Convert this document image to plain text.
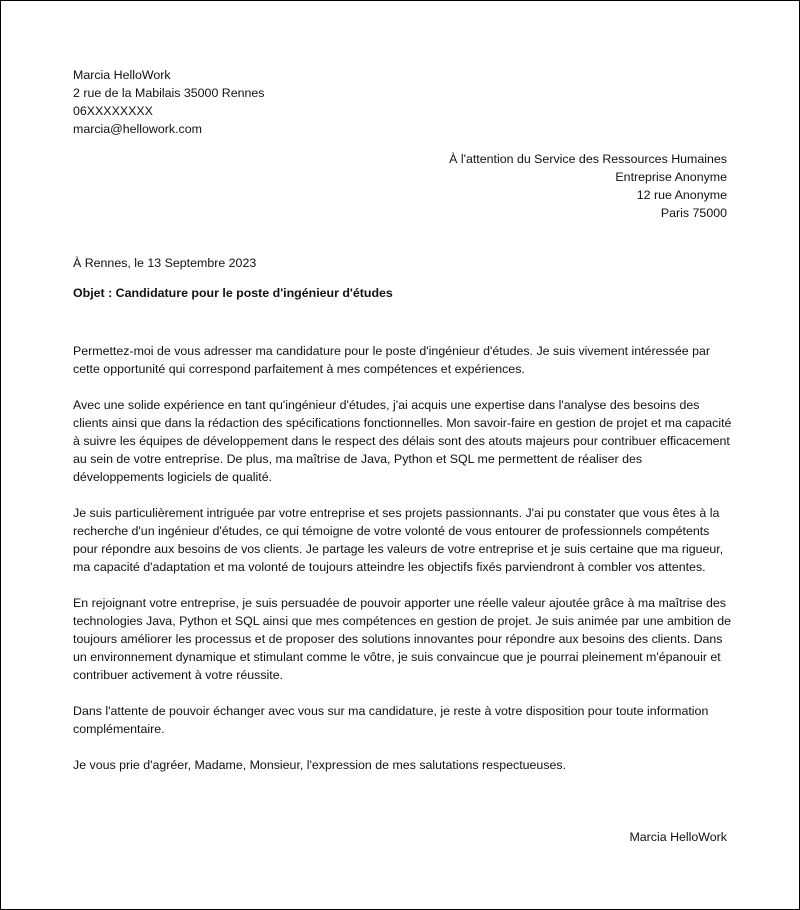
Marcia HelloWork
2 rue de la Mabilais 35000 Rennes
06XXXXXXXX
marcia@hellowork.com
À l'attention du Service des Ressources Humaines
Entreprise Anonyme
12 rue Anonyme
Paris 75000
À Rennes, le 13 Septembre 2023
Objet : Candidature pour le poste d'ingénieur d'études

Permettez-moi de vous adresser ma candidature pour le poste d'ingénieur d'études. Je suis vivement intéressée par cette opportunité qui correspond parfaitement à mes compétences et expériences.

Avec une solide expérience en tant qu'ingénieur d'études, j'ai acquis une expertise dans l'analyse des besoins des clients ainsi que dans la rédaction des spécifications fonctionnelles. Mon savoir-faire en gestion de projet et ma capacité à suivre les équipes de développement dans le respect des délais sont des atouts majeurs pour contribuer efficacement au sein de votre entreprise. De plus, ma maîtrise de Java, Python et SQL me permettent de réaliser des développements logiciels de qualité.

Je suis particulièrement intriguée par votre entreprise et ses projets passionnants. J'ai pu constater que vous êtes à la recherche d'un ingénieur d'études, ce qui témoigne de votre volonté de vous entourer de professionnels compétents pour répondre aux besoins de vos clients. Je partage les valeurs de votre entreprise et je suis certaine que ma rigueur, ma capacité d'adaptation et ma volonté de toujours atteindre les objectifs fixés parviendront à combler vos attentes.

En rejoignant votre entreprise, je suis persuadée de pouvoir apporter une réelle valeur ajoutée grâce à ma maîtrise des technologies Java, Python et SQL ainsi que mes compétences en gestion de projet. Je suis animée par une ambition de toujours améliorer les processus et de proposer des solutions innovantes pour répondre aux besoins des clients. Dans un environnement dynamique et stimulant comme le vôtre, je suis convaincue que je pourrai pleinement m'épanouir et contribuer activement à votre réussite.

Dans l'attente de pouvoir échanger avec vous sur ma candidature, je reste à votre disposition pour toute information complémentaire.

Je vous prie d'agréer, Madame, Monsieur, l'expression de mes salutations respectueuses.

Marcia HelloWork
